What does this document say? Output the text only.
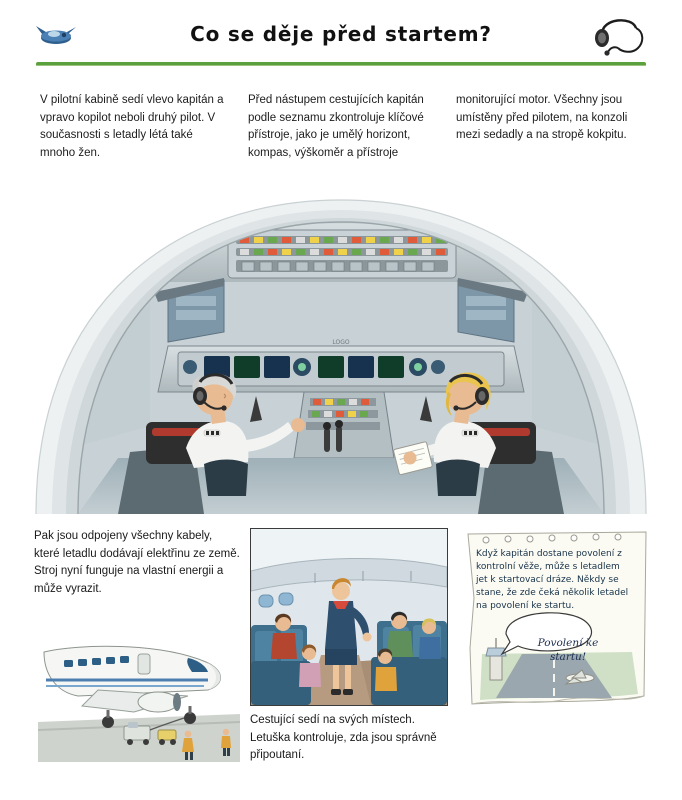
Co se děje před startem?
V pilotní kabině sedí vlevo kapitán a vpravo kopilot neboli druhý pilot. V současnosti s letadly létá také mnoho žen.
Před nástupem cestujících kapitán podle seznamu zkontroluje klíčové přístroje, jako je umělý horizont, kompas, výškoměr a přístroje
monitorující motor. Všechny jsou umístěny před pilotem, na konzoli mezi sedadly a na stropě kokpitu.
LOGO
Pak jsou odpojeny všechny kabely, které letadlu dodávají elektřinu ze země. Stroj nyní funguje na vlastní energii a může vyrazit.
Cestující sedí na svých místech. Letuška kontroluje, zda jsou správně připoutaní.
Když kapitán dostane povolení z kontrolní věže, může s letadlem jet k startovací dráze. Někdy se stane, že zde čeká několik letadel na povolení ke startu.
Povolení ke startu!
